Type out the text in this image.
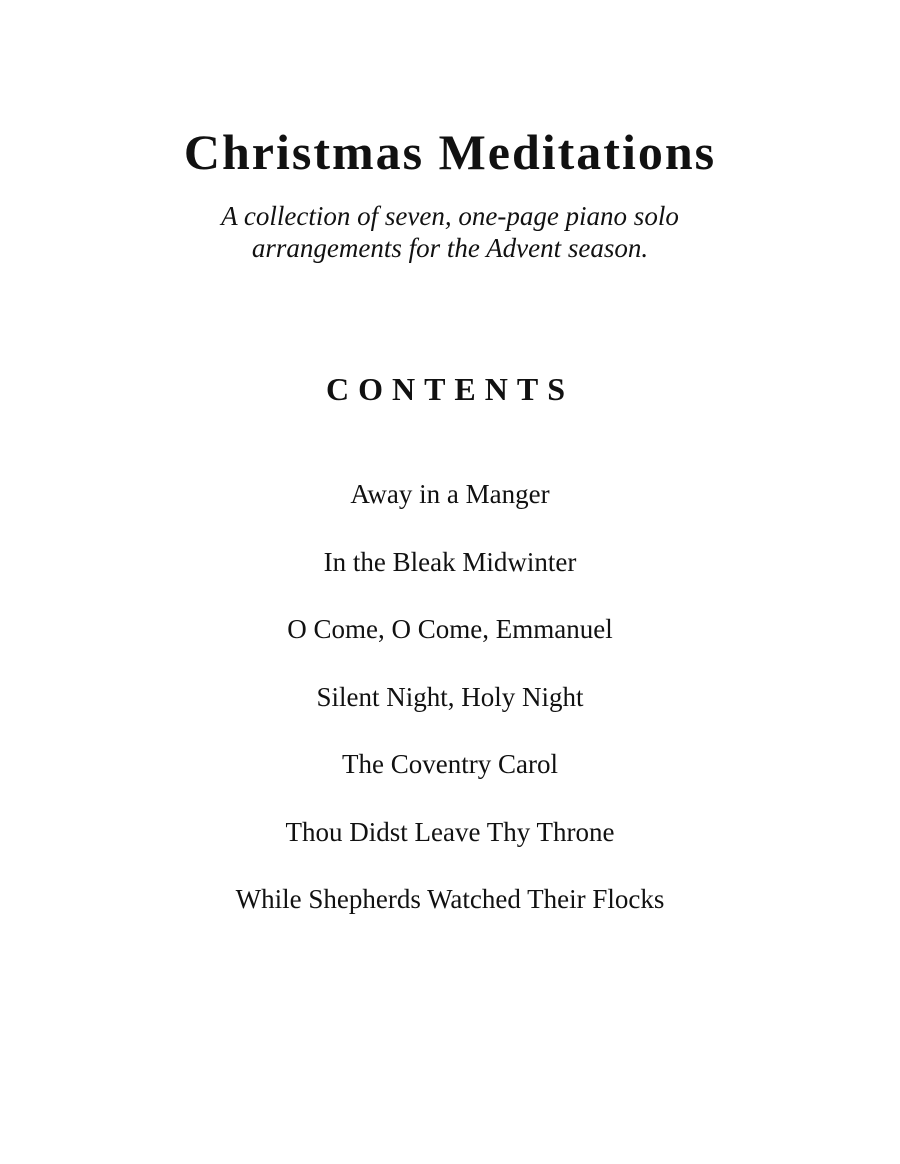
Christmas Meditations

A collection of seven, one-page piano solo
arrangements for the Advent season.

CONTENTS
Away in a Manger
In the Bleak Midwinter
O Come, O Come, Emmanuel
Silent Night, Holy Night
The Coventry Carol
Thou Didst Leave Thy Throne
While Shepherds Watched Their Flocks
